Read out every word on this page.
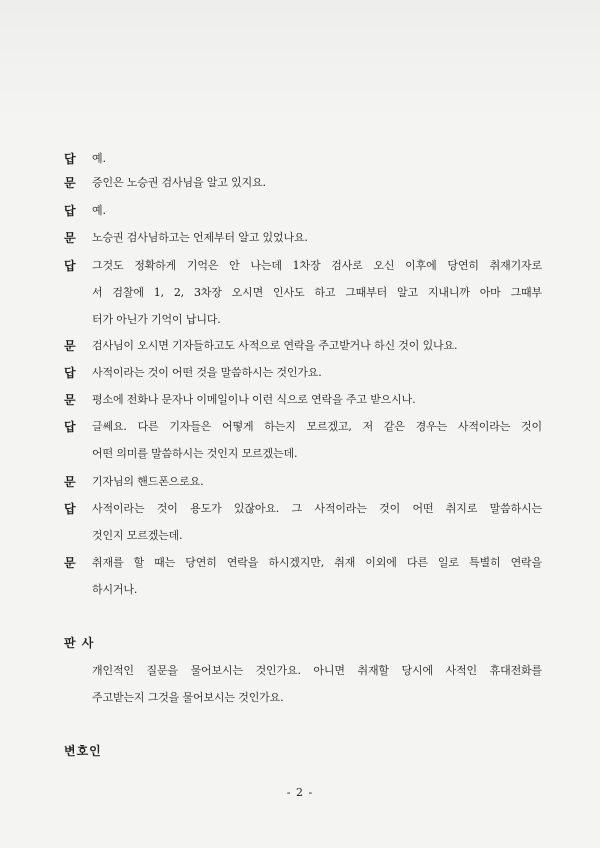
답 예.
문 증인은 노승권 검사님을 알고 있지요.
답 예.
문 노승권 검사님하고는 언제부터 알고 있었나요.
답 그것도 정확하게 기억은 안 나는데 1차장 검사로 오신 이후에 당연히 취재기자로
서 검찰에 1, 2, 3차장 오시면 인사도 하고 그때부터 알고 지내니까 아마 그때부
터가 아닌가 기억이 납니다.
문 검사님이 오시면 기자들하고도 사적으로 연락을 주고받거나 하신 것이 있나요.
답 사적이라는 것이 어떤 것을 말씀하시는 것인가요.
문 평소에 전화나 문자나 이메일이나 이런 식으로 연락을 주고 받으시나.
답 글쎄요. 다른 기자들은 어떻게 하는지 모르겠고, 저 같은 경우는 사적이라는 것이
어떤 의미를 말씀하시는 것인지 모르겠는데.
문 기자님의 핸드폰으로요.
답 사적이라는 것이 용도가 있잖아요. 그 사적이라는 것이 어떤 취지로 말씀하시는
것인지 모르겠는데.
문 취재를 할 때는 당연히 연락을 하시겠지만, 취재 이외에 다른 일로 특별히 연락을
하시거나.
판 사
개인적인 질문을 물어보시는 것인가요. 아니면 취재할 당시에 사적인 휴대전화를
주고받는지 그것을 물어보시는 것인가요.
변호인
- 2 -
